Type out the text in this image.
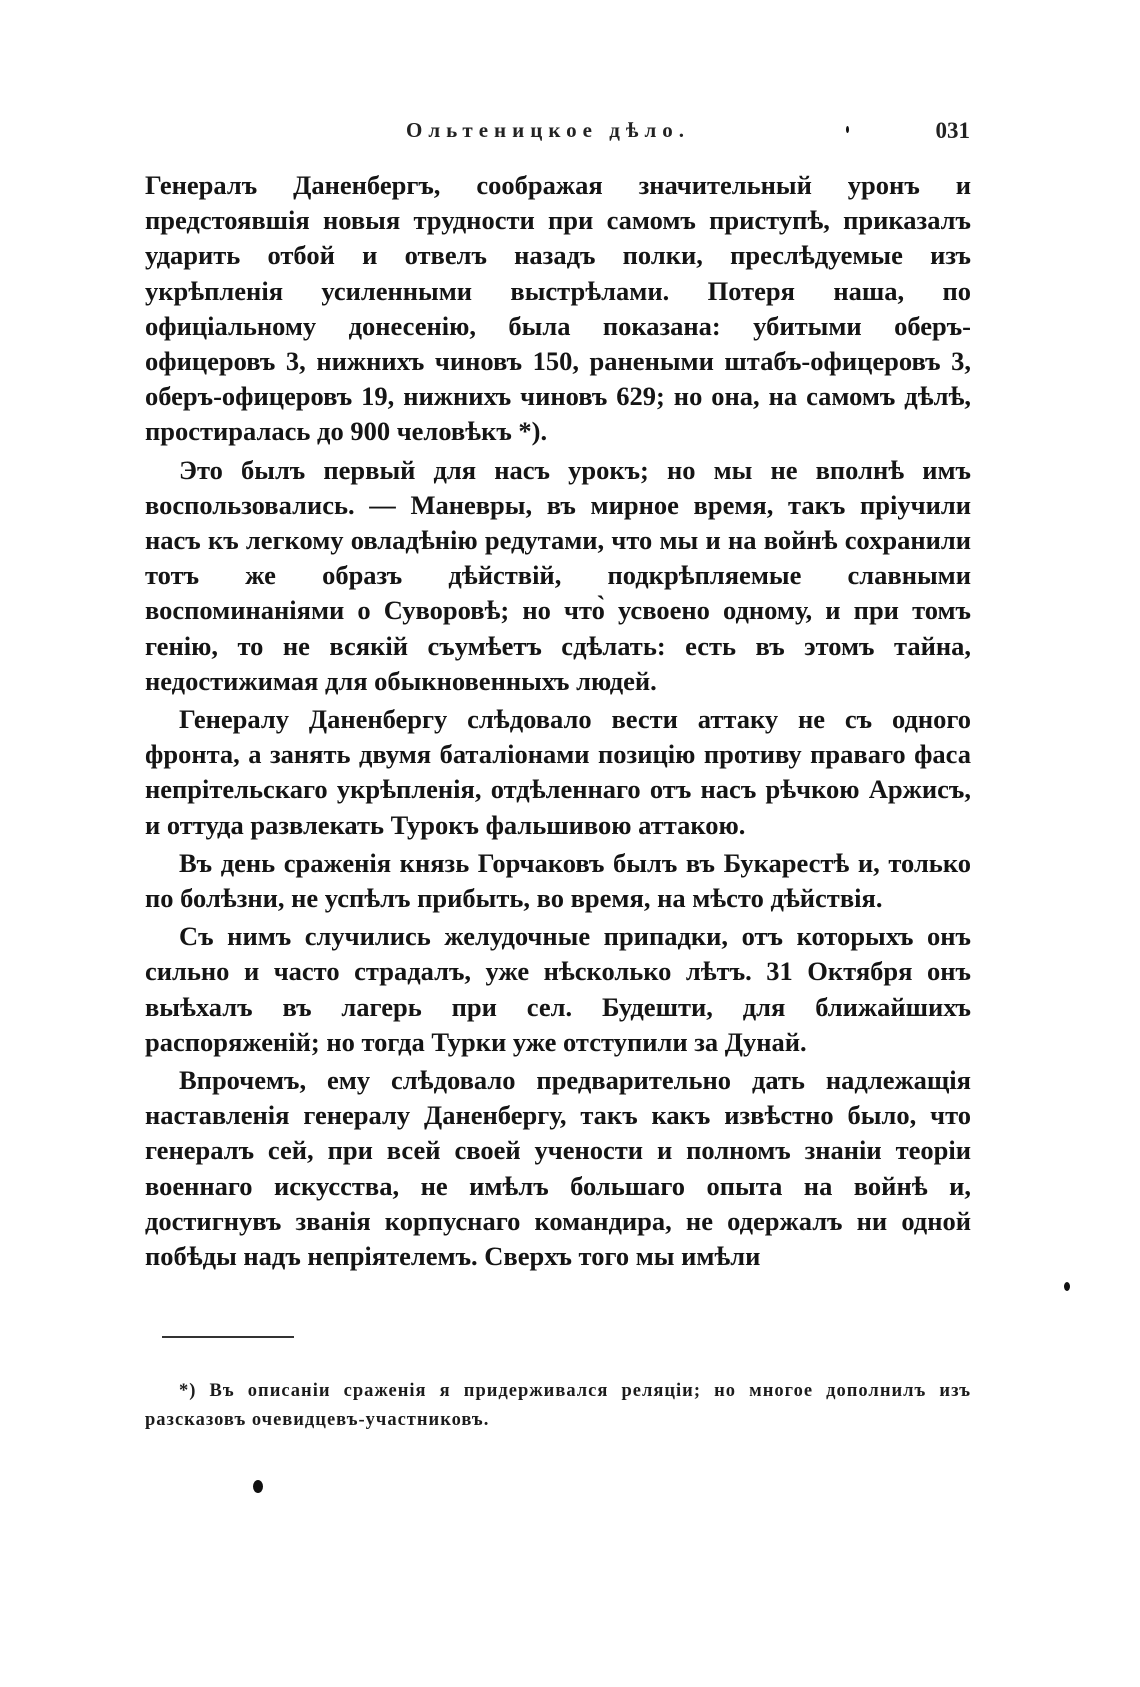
Ольтеницкое дѣло.	031

Генералъ Даненбергъ, соображая значительный уронъ и предстоявшія новыя трудности при самомъ приступѣ, приказалъ ударить отбой и отвелъ назадъ полки, преслѣдуемые изъ укрѣпленія усиленными выстрѣлами. Потеря наша, по офиціальному донесенію, была показана: убитыми оберъ-офицеровъ 3, нижнихъ чиновъ 150, ранеными штабъ-офицеровъ 3, оберъ-офицеровъ 19, нижнихъ чиновъ 629; но она, на самомъ дѣлѣ, простиралась до 900 человѣкъ *).

Это былъ первый для насъ урокъ; но мы не вполнѣ имъ воспользовались. — Маневры, въ мирное время, такъ пріучили насъ къ легкому овладѣнію редутами, что мы и на войнѣ сохранили тотъ же образъ дѣйствій, подкрѣпляемые славными воспоминаніями о Суворовѣ; но что̀ усвоено одному, и при томъ генію, то не всякій съумѣетъ сдѣлать: есть въ этомъ тайна, недостижимая для обыкновенныхъ людей.

Генералу Даненбергу слѣдовало вести аттаку не съ одного фронта, а занять двумя баталіонами позицію противу праваго фаса непрітельскаго укрѣпленія, отдѣленнаго отъ насъ рѣчкою Аржисъ, и оттуда развлекать Турокъ фальшивою аттакою.

Въ день сраженія князь Горчаковъ былъ въ Букарестѣ и, только по болѣзни, не успѣлъ прибыть, во время, на мѣсто дѣйствія.

Съ нимъ случились желудочные припадки, отъ которыхъ онъ сильно и часто страдалъ, уже нѣсколько лѣтъ. 31 Октября онъ выѣхалъ въ лагерь при сел. Будешти, для ближайшихъ распоряженій; но тогда Турки уже отступили за Дунай.

Впрочемъ, ему слѣдовало предварительно дать надлежащія наставленія генералу Даненбергу, такъ какъ извѣстно было, что генералъ сей, при всей своей учености и полномъ знаніи теоріи военнаго искусства, не имѣлъ большаго опыта на войнѣ и, достигнувъ званія корпуснаго командира, не одержалъ ни одной побѣды надъ непріятелемъ. Сверхъ того мы имѣли

*) Въ описаніи сраженія я придерживался реляціи; но многое дополнилъ изъ разсказовъ очевидцевъ-участниковъ.
